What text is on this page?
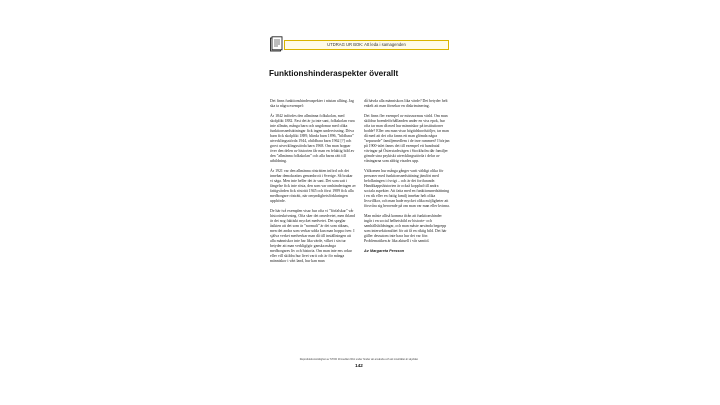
UTDRAG UR BOK: Att leda i samagenden
Funktionshinderaspekter överallt

Det finns funktionshinderaspekter i nästan allting. Jag ska ta några exempel:

År 1842 infördes den allmänna folkskolan, med skolplikt 1882. Fast det är ju inte sant, folkskolan vara inte allmän, många barn och ungdomar med olika funktionsnedsättningar fick ingen undervisning. Döva barn fick skolplikt 1889, blinda barn 1896, ”bildbara” utvecklingsstörda 1944, obildbara barn 1962 [?] och grovt utvecklingsstörda barn 1968. Om man hoppar över den delen av historien får man en felaktig bild av den ”allmänna folkskolan” och alla barns rätt till utbildning.

År 1921 var den allmänna rösträtten införd och det innebar demokratins genombrott i Sverige. Så brukar vi säga. Men inte heller det är sant. Det som satt i fängelse fick inte rösta, den som var omhändertagen av fattigvården fick rösträtt 1945 och först 1989 fick alla medborgare rösträtt, när omyndighetsförklaringen upphörde.

De här två exemplen visar hur ofta vi ”förfalskar” vår historieskrivning. Ofta sker det omedvetet, men ibland är det nog faktiskt mycket medvetet. Det speglar åsikten att det som är ”normalt” är det som räknas, men det andra som verkar udda kan man hoppa över. I själva verket medverkar man då till inställningen att alla människor inte har lika värde, vilket i sin tur betyder att man verkligfgör ganska många medborgares liv och historia. Om man inte ens orkar eller vill skildra hur livet varit och är för många människor i vårt land, hur kan man

då hävda alla människors lika värde? Det betyder helt enkelt att man förnekar en diskriminering.

Det finns fler exempel av missnormas värld. Om man skildrar boendeförhållanden under en viss epok, hur ofta tar man då med hur människor på institutioner bodde? Eller om man visar högtidsbordstöljer, tar man då med att det ofta fanns ett man glömda några ”separarde” familjemedlem i de inre rummen? I början på 1900-talet fanns det till exempel ett hundratal vävingar på Österstadsvägen i Stockholm där familjer gömde sina psykiskt utvecklingsstörda i delar av våningarna som aldrig visades upp.

Välkomen hur många gånger varit väldigt olika för personer med funktionsnedsättning jämfört med befolkningen i övrigt – och är det fortfarande. Handikappshistorien är också kopplad till andra sociala aspekter. Att fatta med en funktionsnedsättning i en rik eller en fattig familj innebar helt olika livsvillkor, och man hade mycket olika möjligheter att försvåra sig beroende på om man var man eller kvinna.

Man måste alltså komma ifrån att funktionshinder ingår i en social helhetsbild av historie- och samhällsbildningar, och man måste använda begrepp som intersektionalitet för att få en riktig bild. Det här gäller dessutom inte bara hur det var förr. Problematiken är lika aktuell i vår samtid.

Av Margareta Persson
Reproduktionsrättighet av STOD förmedlat 2011 under hinder att använda och att innehållet är skyddat.
142
